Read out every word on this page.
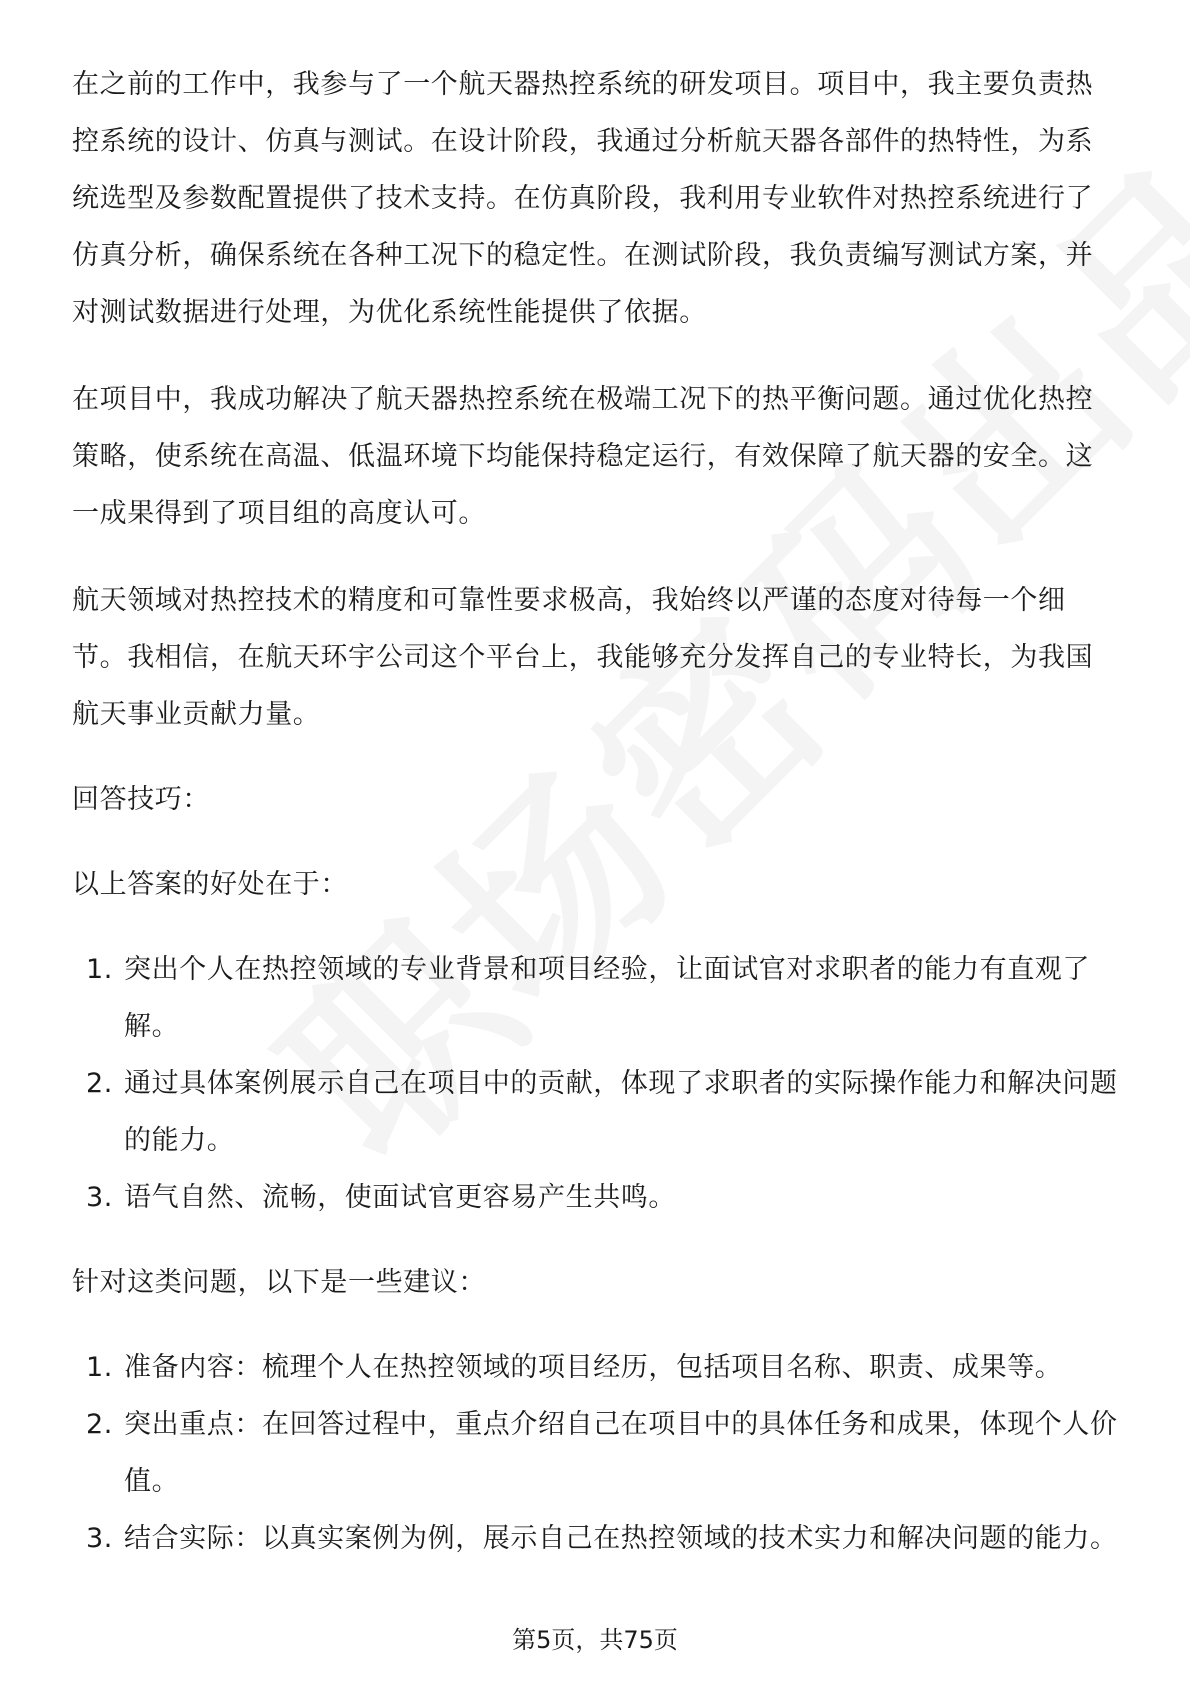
在之前的工作中，我参与了一个航天器热控系统的研发项目。项目中，我主要负责热控系统的设计、仿真与测试。在设计阶段，我通过分析航天器各部件的热特性，为系统选型及参数配置提供了技术支持。在仿真阶段，我利用专业软件对热控系统进行了仿真分析，确保系统在各种工况下的稳定性。在测试阶段，我负责编写测试方案，并对测试数据进行处理，为优化系统性能提供了依据。

在项目中，我成功解决了航天器热控系统在极端工况下的热平衡问题。通过优化热控策略，使系统在高温、低温环境下均能保持稳定运行，有效保障了航天器的安全。这一成果得到了项目组的高度认可。

航天领域对热控技术的精度和可靠性要求极高，我始终以严谨的态度对待每一个细节。我相信，在航天环宇公司这个平台上，我能够充分发挥自己的专业特长，为我国航天事业贡献力量。

回答技巧：

以上答案的好处在于：

1. 突出个人在热控领域的专业背景和项目经验，让面试官对求职者的能力有直观了解。
2. 通过具体案例展示自己在项目中的贡献，体现了求职者的实际操作能力和解决问题的能力。
3. 语气自然、流畅，使面试官更容易产生共鸣。

针对这类问题，以下是一些建议：

1. 准备内容：梳理个人在热控领域的项目经历，包括项目名称、职责、成果等。
2. 突出重点：在回答过程中，重点介绍自己在项目中的具体任务和成果，体现个人价值。
3. 结合实际：以真实案例为例，展示自己在热控领域的技术实力和解决问题的能力。
第5页，共75页
